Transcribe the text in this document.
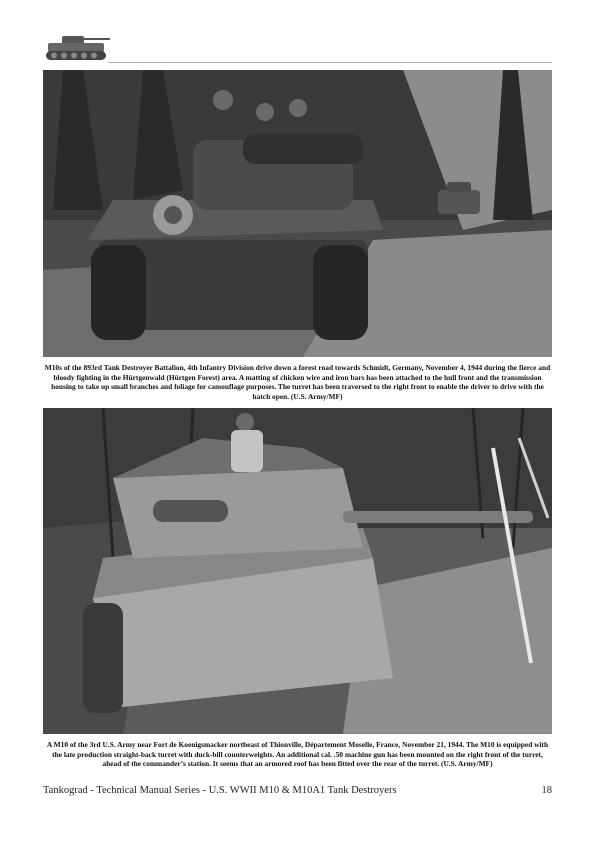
M10s of the 893rd Tank Destroyer Battalion, 4th Infantry Division drive down a forest road towards Schmidt, Germany, November 4, 1944 during the fierce and bloody fighting in the Hürtgenwald (Hürtgen Forest) area. A matting of chicken wire and iron bars has been attached to the hull front and the transmission housing to take up small branches and foliage for camouflage purposes. The turret has been traversed to the right front to enable the driver to drive with the hatch open. (U.S. Army/MF)
A M10 of the 3rd U.S. Army near Fort de Koenigsmacker northeast of Thionville, Département Moselle, France, November 21, 1944. The M10 is equipped with the late production straight-back turret with duck-bill counterweights. An additional cal. .50 machine gun has been mounted on the right front of the turret, ahead of the commander’s station. It seems that an armored roof has been fitted over the rear of the turret. (U.S. Army/MF)
Tankograd - Technical Manual Series - U.S. WWII M10 & M10A1 Tank Destroyers	18
